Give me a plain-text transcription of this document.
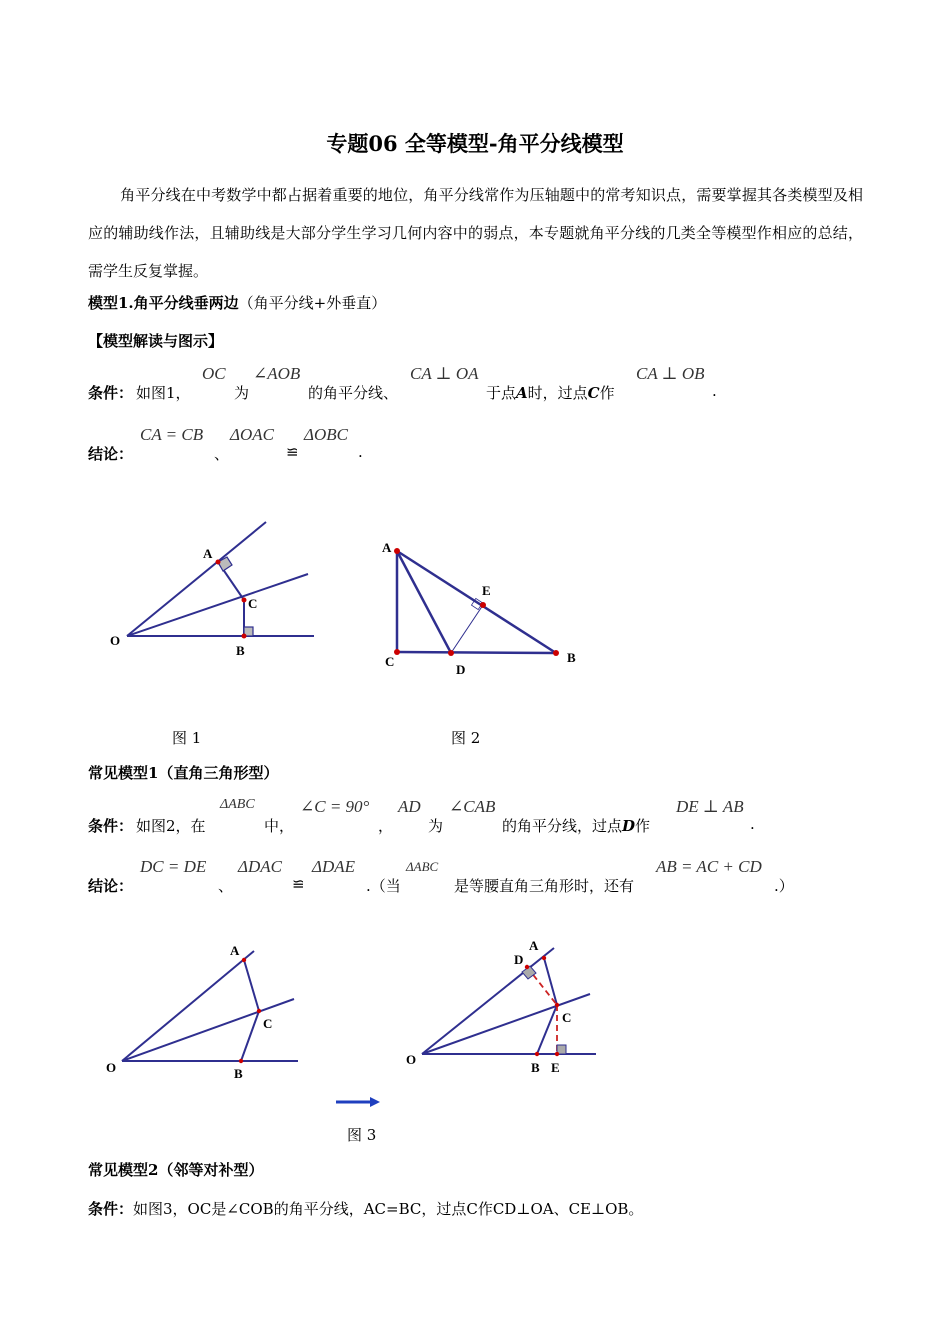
专题06 全等模型-角平分线模型
角平分线在中考数学中都占据着重要的地位，角平分线常作为压轴题中的常考知识点，需要掌握其各类模型及相应的辅助线作法，且辅助线是大部分学生学习几何内容中的弱点，本专题就角平分线的几类全等模型作相应的总结，需学生反复掌握。
模型1.角平分线垂两边（角平分线+外垂直）
【模型解读与图示】
条件： 如图1，
OC
为
∠AOB
的角平分线、
CA ⊥ OA
于点A时，过点C作
CA ⊥ OB
.
结论：
CA = CB
、
ΔOAC
≌
ΔOBC
.
A
C
O
B
A
E
C
D
B
图 1	图 2
常见模型1（直角三角形型）
条件： 如图2，在
ΔABC
中，
∠C = 90°
，
AD
为
∠CAB
的角平分线，过点D作
DE ⊥ AB
.
结论：
DC = DE
、
ΔDAC
≌
ΔDAE
.（当
ΔABC
是等腰直角三角形时，还有
AB = AC + CD
.）
A
C
O	B
A
D
C
O
B E
图 3
常见模型2（邻等对补型）
条件：如图3，OC是∠COB的角平分线，AC=BC，过点C作CD⊥OA、CE⊥OB。
